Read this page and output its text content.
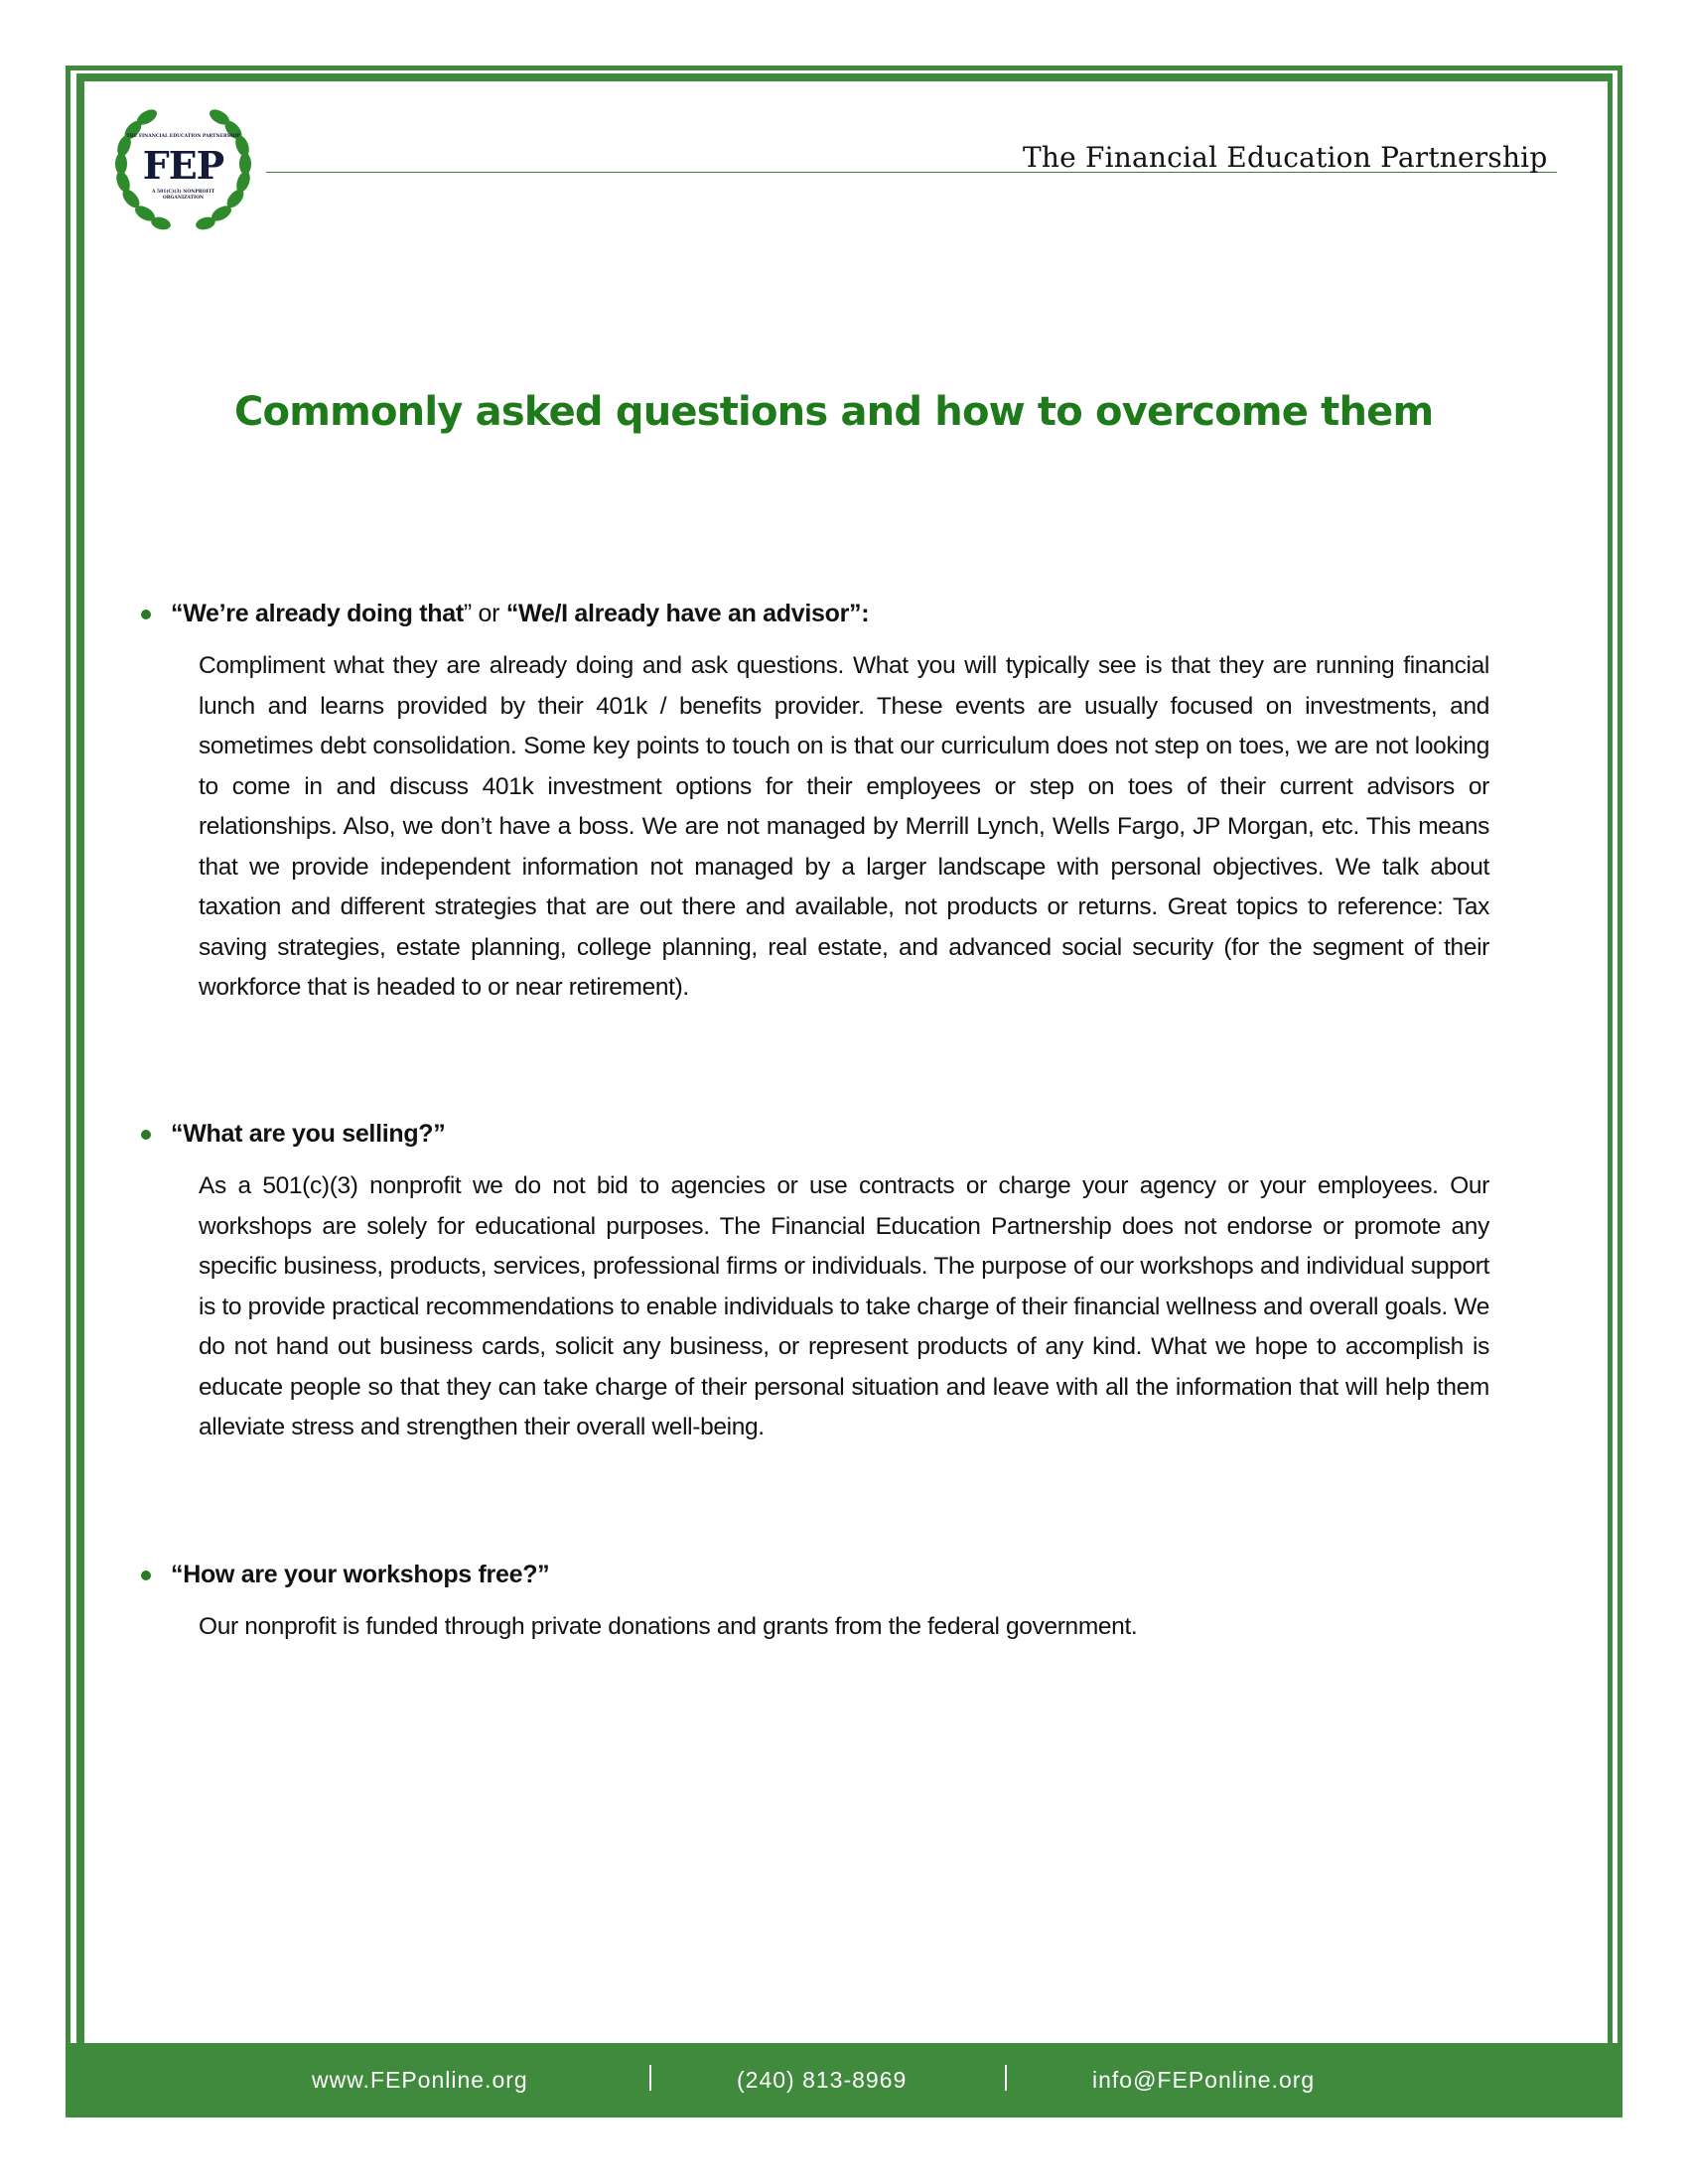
THE FINANCIAL EDUCATION PARTNERSHIP
FEP
A 501(C)(3) NONPROFIT ORGANIZATION
The Financial Education Partnership
Commonly asked questions and how to overcome them
“We’re already doing that” or “We/I already have an advisor”:
Compliment what they are already doing and ask questions. What you will typically see is that they are running financial lunch and learns provided by their 401k / benefits provider. These events are usually focused on investments, and sometimes debt consolidation. Some key points to touch on is that our curriculum does not step on toes, we are not looking to come in and discuss 401k investment options for their employees or step on toes of their current advisors or relationships. Also, we don’t have a boss. We are not managed by Merrill Lynch, Wells Fargo, JP Morgan, etc. This means that we provide independent information not managed by a larger landscape with personal objectives. We talk about taxation and different strategies that are out there and available, not products or returns. Great topics to reference: Tax saving strategies, estate planning, college planning, real estate, and advanced social security (for the segment of their workforce that is headed to or near retirement).
“What are you selling?”
As a 501(c)(3) nonprofit we do not bid to agencies or use contracts or charge your agency or your employees. Our workshops are solely for educational purposes. The Financial Education Partnership does not endorse or promote any specific business, products, services, professional firms or individuals. The purpose of our workshops and individual support is to provide practical recommendations to enable individuals to take charge of their financial wellness and overall goals. We do not hand out business cards, solicit any business, or represent products of any kind. What we hope to accomplish is educate people so that they can take charge of their personal situation and leave with all the information that will help them alleviate stress and strengthen their overall well-being.
“How are your workshops free?”
Our nonprofit is funded through private donations and grants from the federal government.
www.FEPonline.org	(240) 813-8969	info@FEPonline.org
